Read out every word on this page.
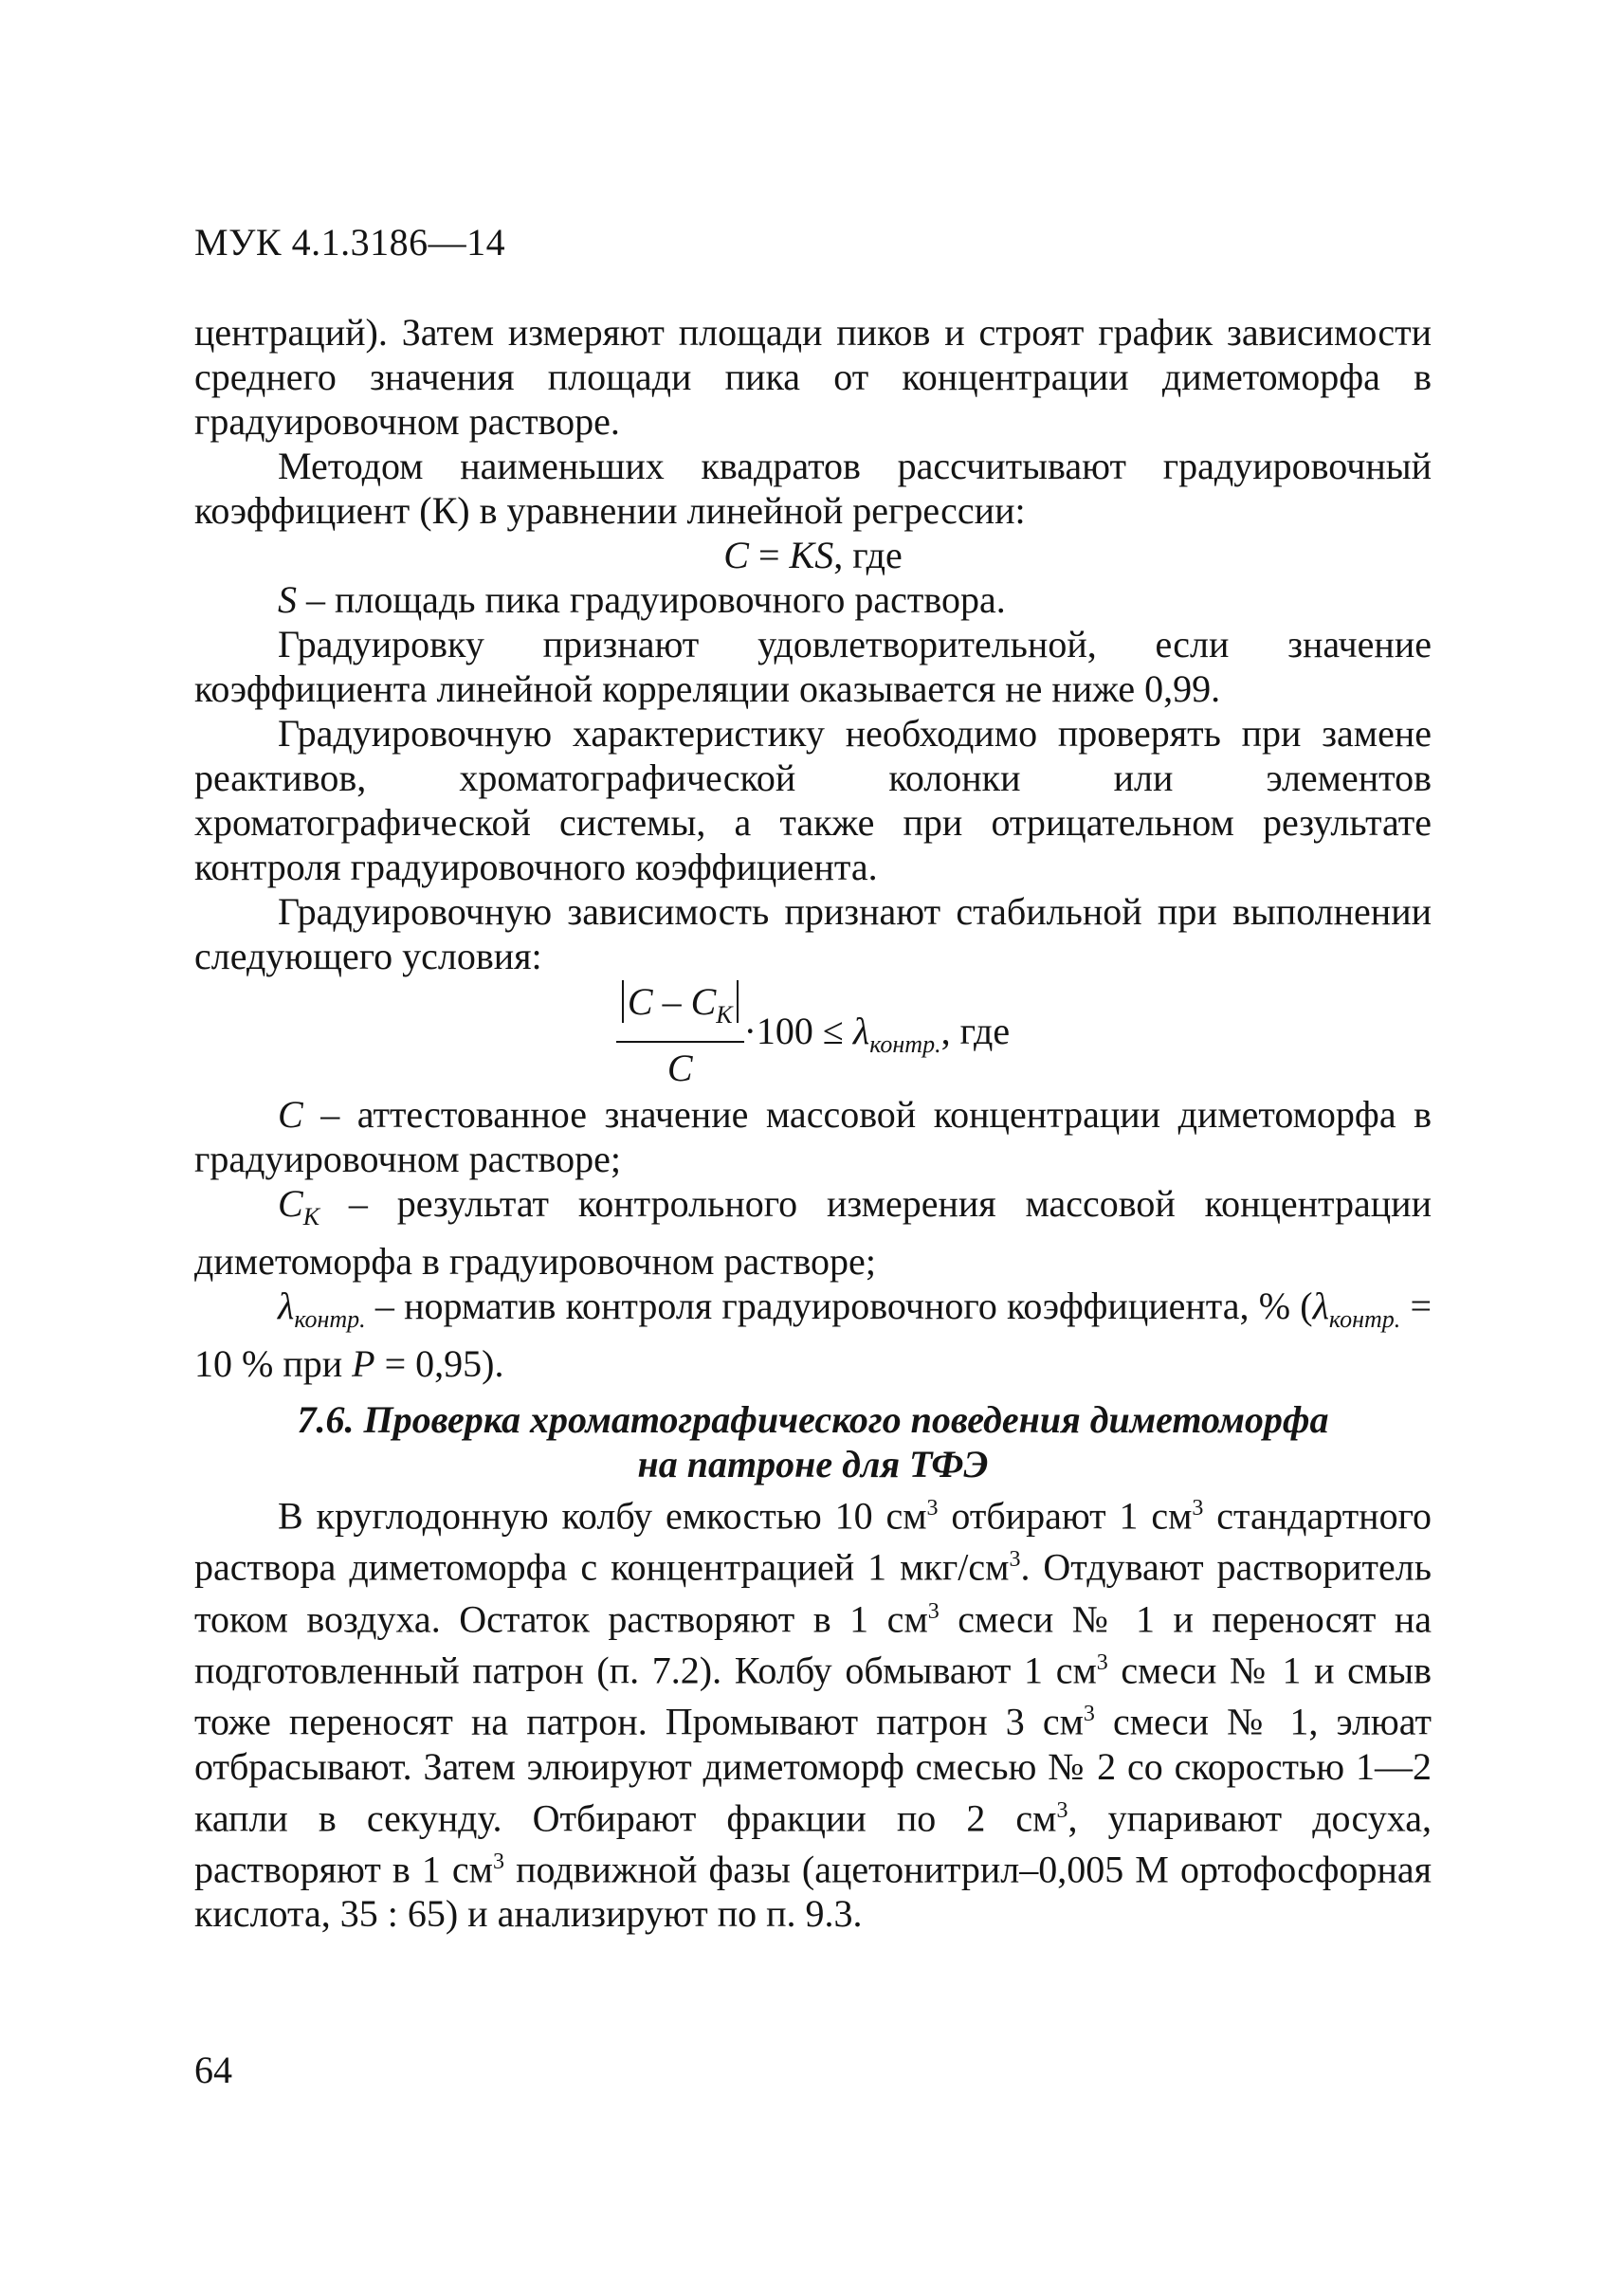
МУК 4.1.3186—14

центраций). Затем измеряют площади пиков и строят график зависимости среднего значения площади пика от концентрации диметоморфа в градуировочном растворе.

Методом наименьших квадратов рассчитывают градуировочный коэффициент (К) в уравнении линейной регрессии:

C = KS, где

S – площадь пика градуировочного раствора.

Градуировку признают удовлетворительной, если значение коэффициента линейной корреляции оказывается не ниже 0,99.

Градуировочную характеристику необходимо проверять при замене реактивов, хроматографической колонки или элементов хроматографической системы, а также при отрицательном результате контроля градуировочного коэффициента.

Градуировочную зависимость признают стабильной при выполнении следующего условия:

$\frac{C - C_K}{C} \cdot 100 \le \lambda_{контр.}$, где

C – аттестованное значение массовой концентрации диметоморфа в градуировочном растворе;

$C_K$ – результат контрольного измерения массовой концентрации диметоморфа в градуировочном растворе;

$\lambda_{контр.}$ – норматив контроля градуировочного коэффициента, % ($\lambda_{контр.} = 10$ % при P = 0,95).

7.6. Проверка хроматографического поведения диметоморфа
на патроне для ТФЭ

В круглодонную колбу емкостью 10 $см^3$ отбирают 1 $см^3$ стандартного раствора диметоморфа с концентрацией 1 мкг/$см^3$. Отдувают растворитель током воздуха. Остаток растворяют в 1 $см^3$ смеси № 1 и переносят на подготовленный патрон (п. 7.2). Колбу обмывают 1 $см^3$ смеси № 1 и смыв тоже переносят на патрон. Промывают патрон 3 $см^3$ смеси № 1, элюат отбрасывают. Затем элюируют диметоморф смесью № 2 со скоростью 1—2 капли в секунду. Отбирают фракции по 2 $см^3$, упаривают досуха, растворяют в 1 $см^3$ подвижной фазы (ацетонитрил–0,005 М ортофосфорная кислота, 35 : 65) и анализируют по п. 9.3.

64
